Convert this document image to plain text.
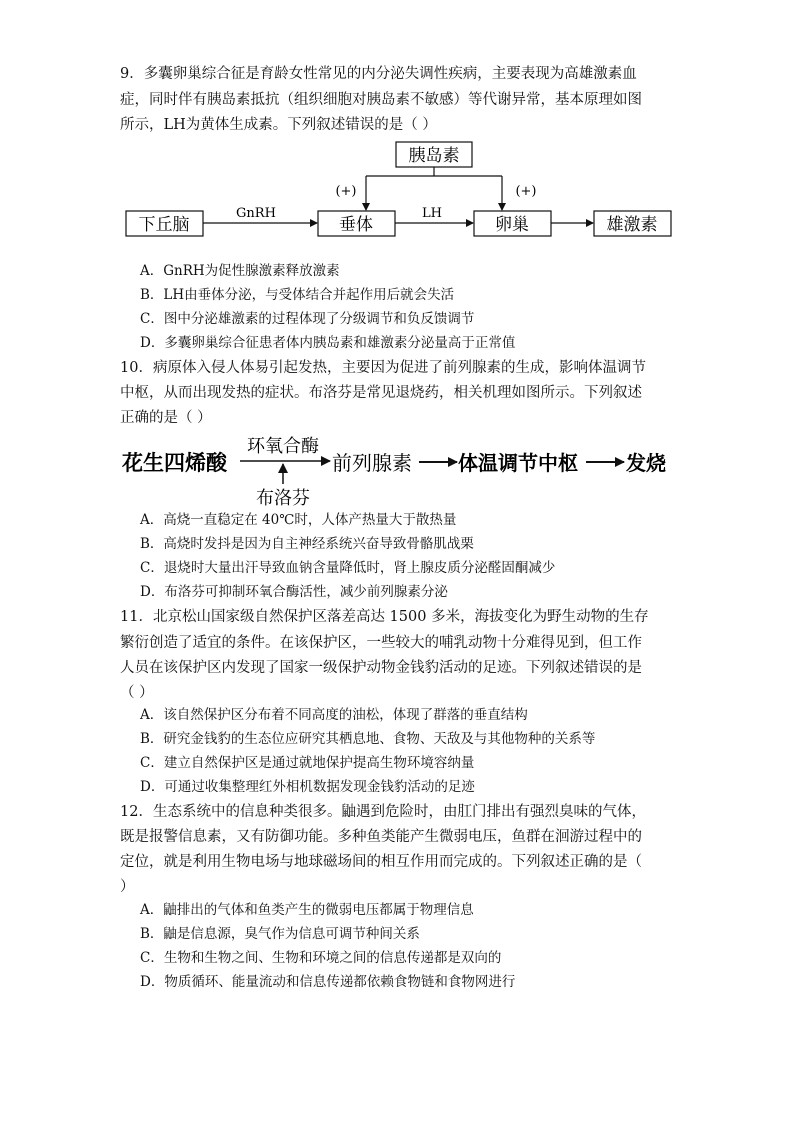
9．多囊卵巢综合征是育龄女性常见的内分泌失调性疾病，主要表现为高雄激素血
症，同时伴有胰岛素抵抗（组织细胞对胰岛素不敏感）等代谢异常，基本原理如图
所示，LH为黄体生成素。下列叙述错误的是（ ）
胰岛素
(+)	(+)
下丘脑	垂体	卵巢	雄激素
GnRH	LH
A．GnRH为促性腺激素释放激素
B．LH由垂体分泌，与受体结合并起作用后就会失活
C．图中分泌雄激素的过程体现了分级调节和负反馈调节
D．多囊卵巢综合征患者体内胰岛素和雄激素分泌量高于正常值
10．病原体入侵人体易引起发热，主要因为促进了前列腺素的生成，影响体温调节
中枢，从而出现发热的症状。布洛芬是常见退烧药，相关机理如图所示。下列叙述
正确的是（ ）
花生四烯酸
环氧合酶
布洛芬
前列腺素 体温调节中枢 发烧
A．高烧一直稳定在 40℃时，人体产热量大于散热量
B．高烧时发抖是因为自主神经系统兴奋导致骨骼肌战栗
C．退烧时大量出汗导致血钠含量降低时，肾上腺皮质分泌醛固酮减少
D．布洛芬可抑制环氧合酶活性，减少前列腺素分泌
11．北京松山国家级自然保护区落差高达 1500 多米，海拔变化为野生动物的生存
繁衍创造了适宜的条件。在该保护区，一些较大的哺乳动物十分难得见到，但工作
人员在该保护区内发现了国家一级保护动物金钱豹活动的足迹。下列叙述错误的是
（ ）
A．该自然保护区分布着不同高度的油松，体现了群落的垂直结构
B．研究金钱豹的生态位应研究其栖息地、食物、天敌及与其他物种的关系等
C．建立自然保护区是通过就地保护提高生物环境容纳量
D．可通过收集整理红外相机数据发现金钱豹活动的足迹
12．生态系统中的信息种类很多。鼬遇到危险时，由肛门排出有强烈臭味的气体，
既是报警信息素，又有防御功能。多种鱼类能产生微弱电压，鱼群在洄游过程中的
定位，就是利用生物电场与地球磁场间的相互作用而完成的。下列叙述正确的是（
）
A．鼬排出的气体和鱼类产生的微弱电压都属于物理信息
B．鼬是信息源，臭气作为信息可调节种间关系
C．生物和生物之间、生物和环境之间的信息传递都是双向的
D．物质循环、能量流动和信息传递都依赖食物链和食物网进行
